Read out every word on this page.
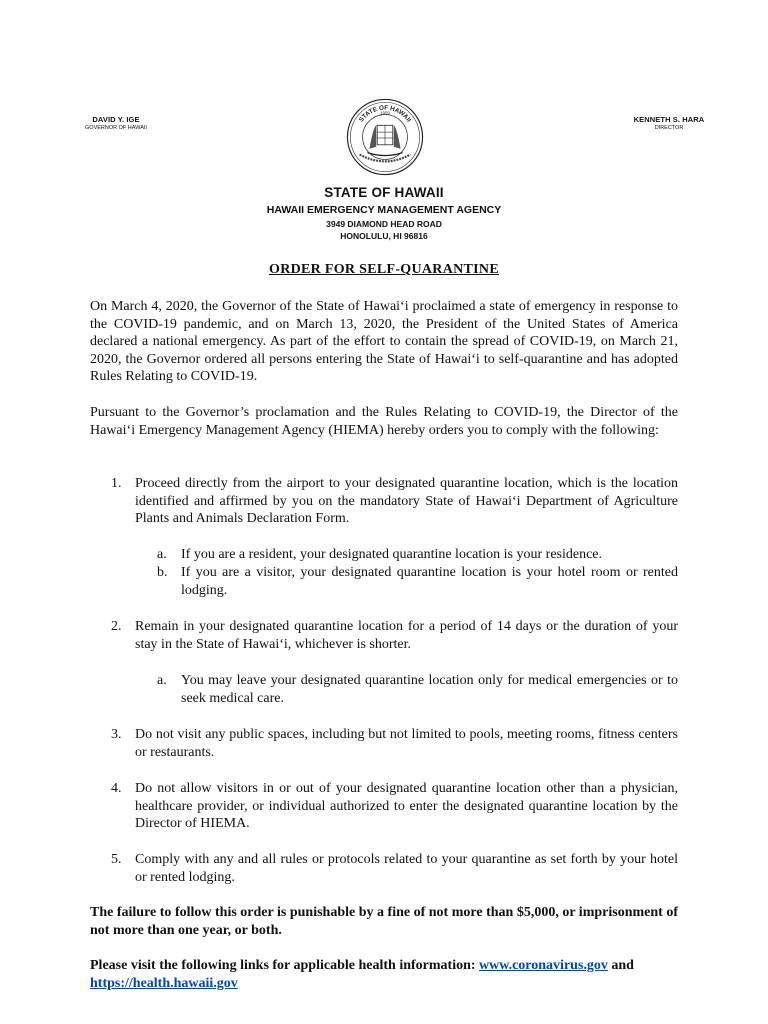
DAVID Y. IGE
GOVERNOR OF HAWAII
STATE OF HAWAII
1959
KENNETH S. HARA
DIRECTOR
STATE OF HAWAII
HAWAII EMERGENCY MANAGEMENT AGENCY
3949 DIAMOND HEAD ROAD
HONOLULU, HI 96816
ORDER FOR SELF-QUARANTINE

On March 4, 2020, the Governor of the State of Hawai‘i proclaimed a state of emergency in response to the COVID-19 pandemic, and on March 13, 2020, the President of the United States of America declared a national emergency. As part of the effort to contain the spread of COVID-19, on March 21, 2020, the Governor ordered all persons entering the State of Hawai‘i to self-quarantine and has adopted Rules Relating to COVID-19.

Pursuant to the Governor’s proclamation and the Rules Relating to COVID-19, the Director of the Hawai‘i Emergency Management Agency (HIEMA) hereby orders you to comply with the following:

1. Proceed directly from the airport to your designated quarantine location, which is the location identified and affirmed by you on the mandatory State of Hawai‘i Department of Agriculture Plants and Animals Declaration Form.
a. If you are a resident, your designated quarantine location is your residence.
b. If you are a visitor, your designated quarantine location is your hotel room or rented lodging.
2. Remain in your designated quarantine location for a period of 14 days or the duration of your stay in the State of Hawai‘i, whichever is shorter.
a. You may leave your designated quarantine location only for medical emergencies or to seek medical care.
3. Do not visit any public spaces, including but not limited to pools, meeting rooms, fitness centers or restaurants.
4. Do not allow visitors in or out of your designated quarantine location other than a physician, healthcare provider, or individual authorized to enter the designated quarantine location by the Director of HIEMA.
5. Comply with any and all rules or protocols related to your quarantine as set forth by your hotel or rented lodging.

The failure to follow this order is punishable by a fine of not more than $5,000, or imprisonment of not more than one year, or both.

Please visit the following links for applicable health information: www.coronavirus.gov and
https://health.hawaii.gov
